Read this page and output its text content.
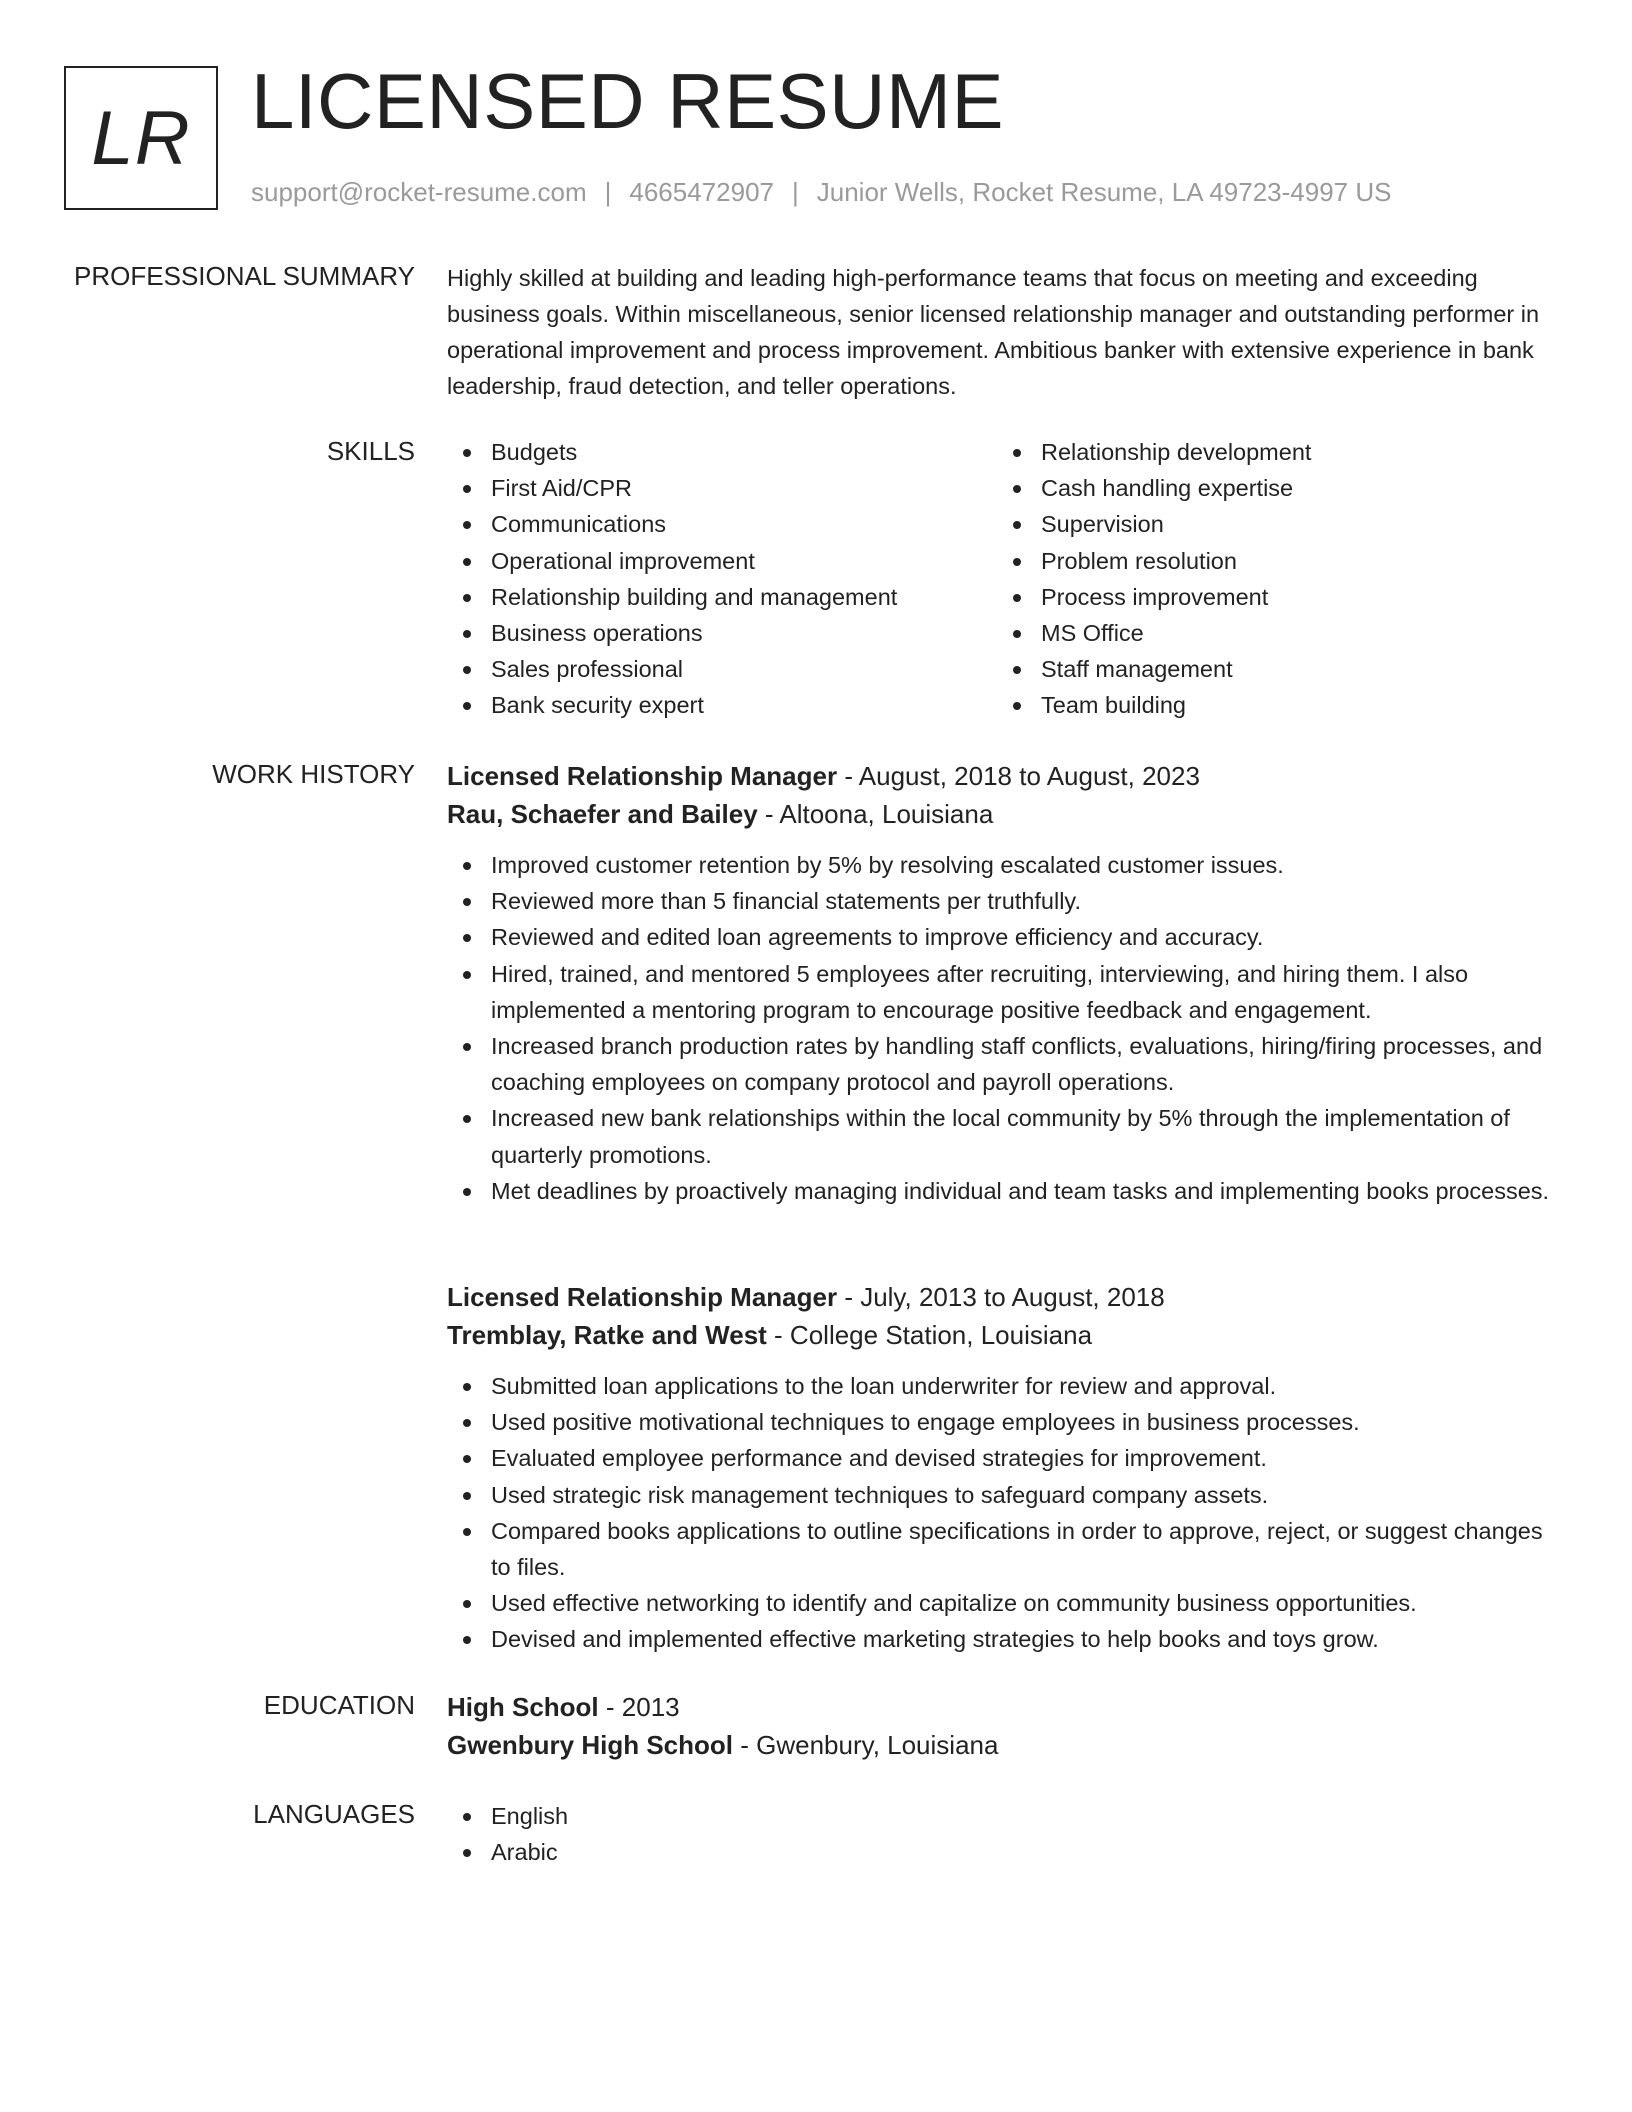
LR LICENSED RESUME
support@rocket-resume.com | 4665472907 | Junior Wells, Rocket Resume, LA 49723-4997 US
PROFESSIONAL SUMMARY Highly skilled at building and leading high-performance teams that focus on meeting and exceeding business goals. Within miscellaneous, senior licensed relationship manager and outstanding performer in operational improvement and process improvement. Ambitious banker with extensive experience in bank leadership, fraud detection, and teller operations.

SKILLS	Budgets
First Aid/CPR
Communications
Operational improvement
Relationship building and management
Business operations
Sales professional
Bank security expert
Relationship development
Cash handling expertise
Supervision
Problem resolution
Process improvement
MS Office
Staff management
Team building
WORK HISTORY Licensed Relationship Manager - August, 2018 to August, 2023
Rau, Schaefer and Bailey - Altoona, Louisiana
Improved customer retention by 5% by resolving escalated customer issues.
Reviewed more than 5 financial statements per truthfully.
Reviewed and edited loan agreements to improve efficiency and accuracy.
Hired, trained, and mentored 5 employees after recruiting, interviewing, and hiring them. I also implemented a mentoring program to encourage positive feedback and engagement.
Increased branch production rates by handling staff conflicts, evaluations, hiring/firing processes, and coaching employees on company protocol and payroll operations.
Increased new bank relationships within the local community by 5% through the implementation of quarterly promotions.
Met deadlines by proactively managing individual and team tasks and implementing books processes.
Licensed Relationship Manager - July, 2013 to August, 2018
Tremblay, Ratke and West - College Station, Louisiana
Submitted loan applications to the loan underwriter for review and approval.
Used positive motivational techniques to engage employees in business processes.
Evaluated employee performance and devised strategies for improvement.
Used strategic risk management techniques to safeguard company assets.
Compared books applications to outline specifications in order to approve, reject, or suggest changes to files.
Used effective networking to identify and capitalize on community business opportunities.
Devised and implemented effective marketing strategies to help books and toys grow.
EDUCATION High School - 2013
Gwenbury High School - Gwenbury, Louisiana
LANGUAGES	English
Arabic
